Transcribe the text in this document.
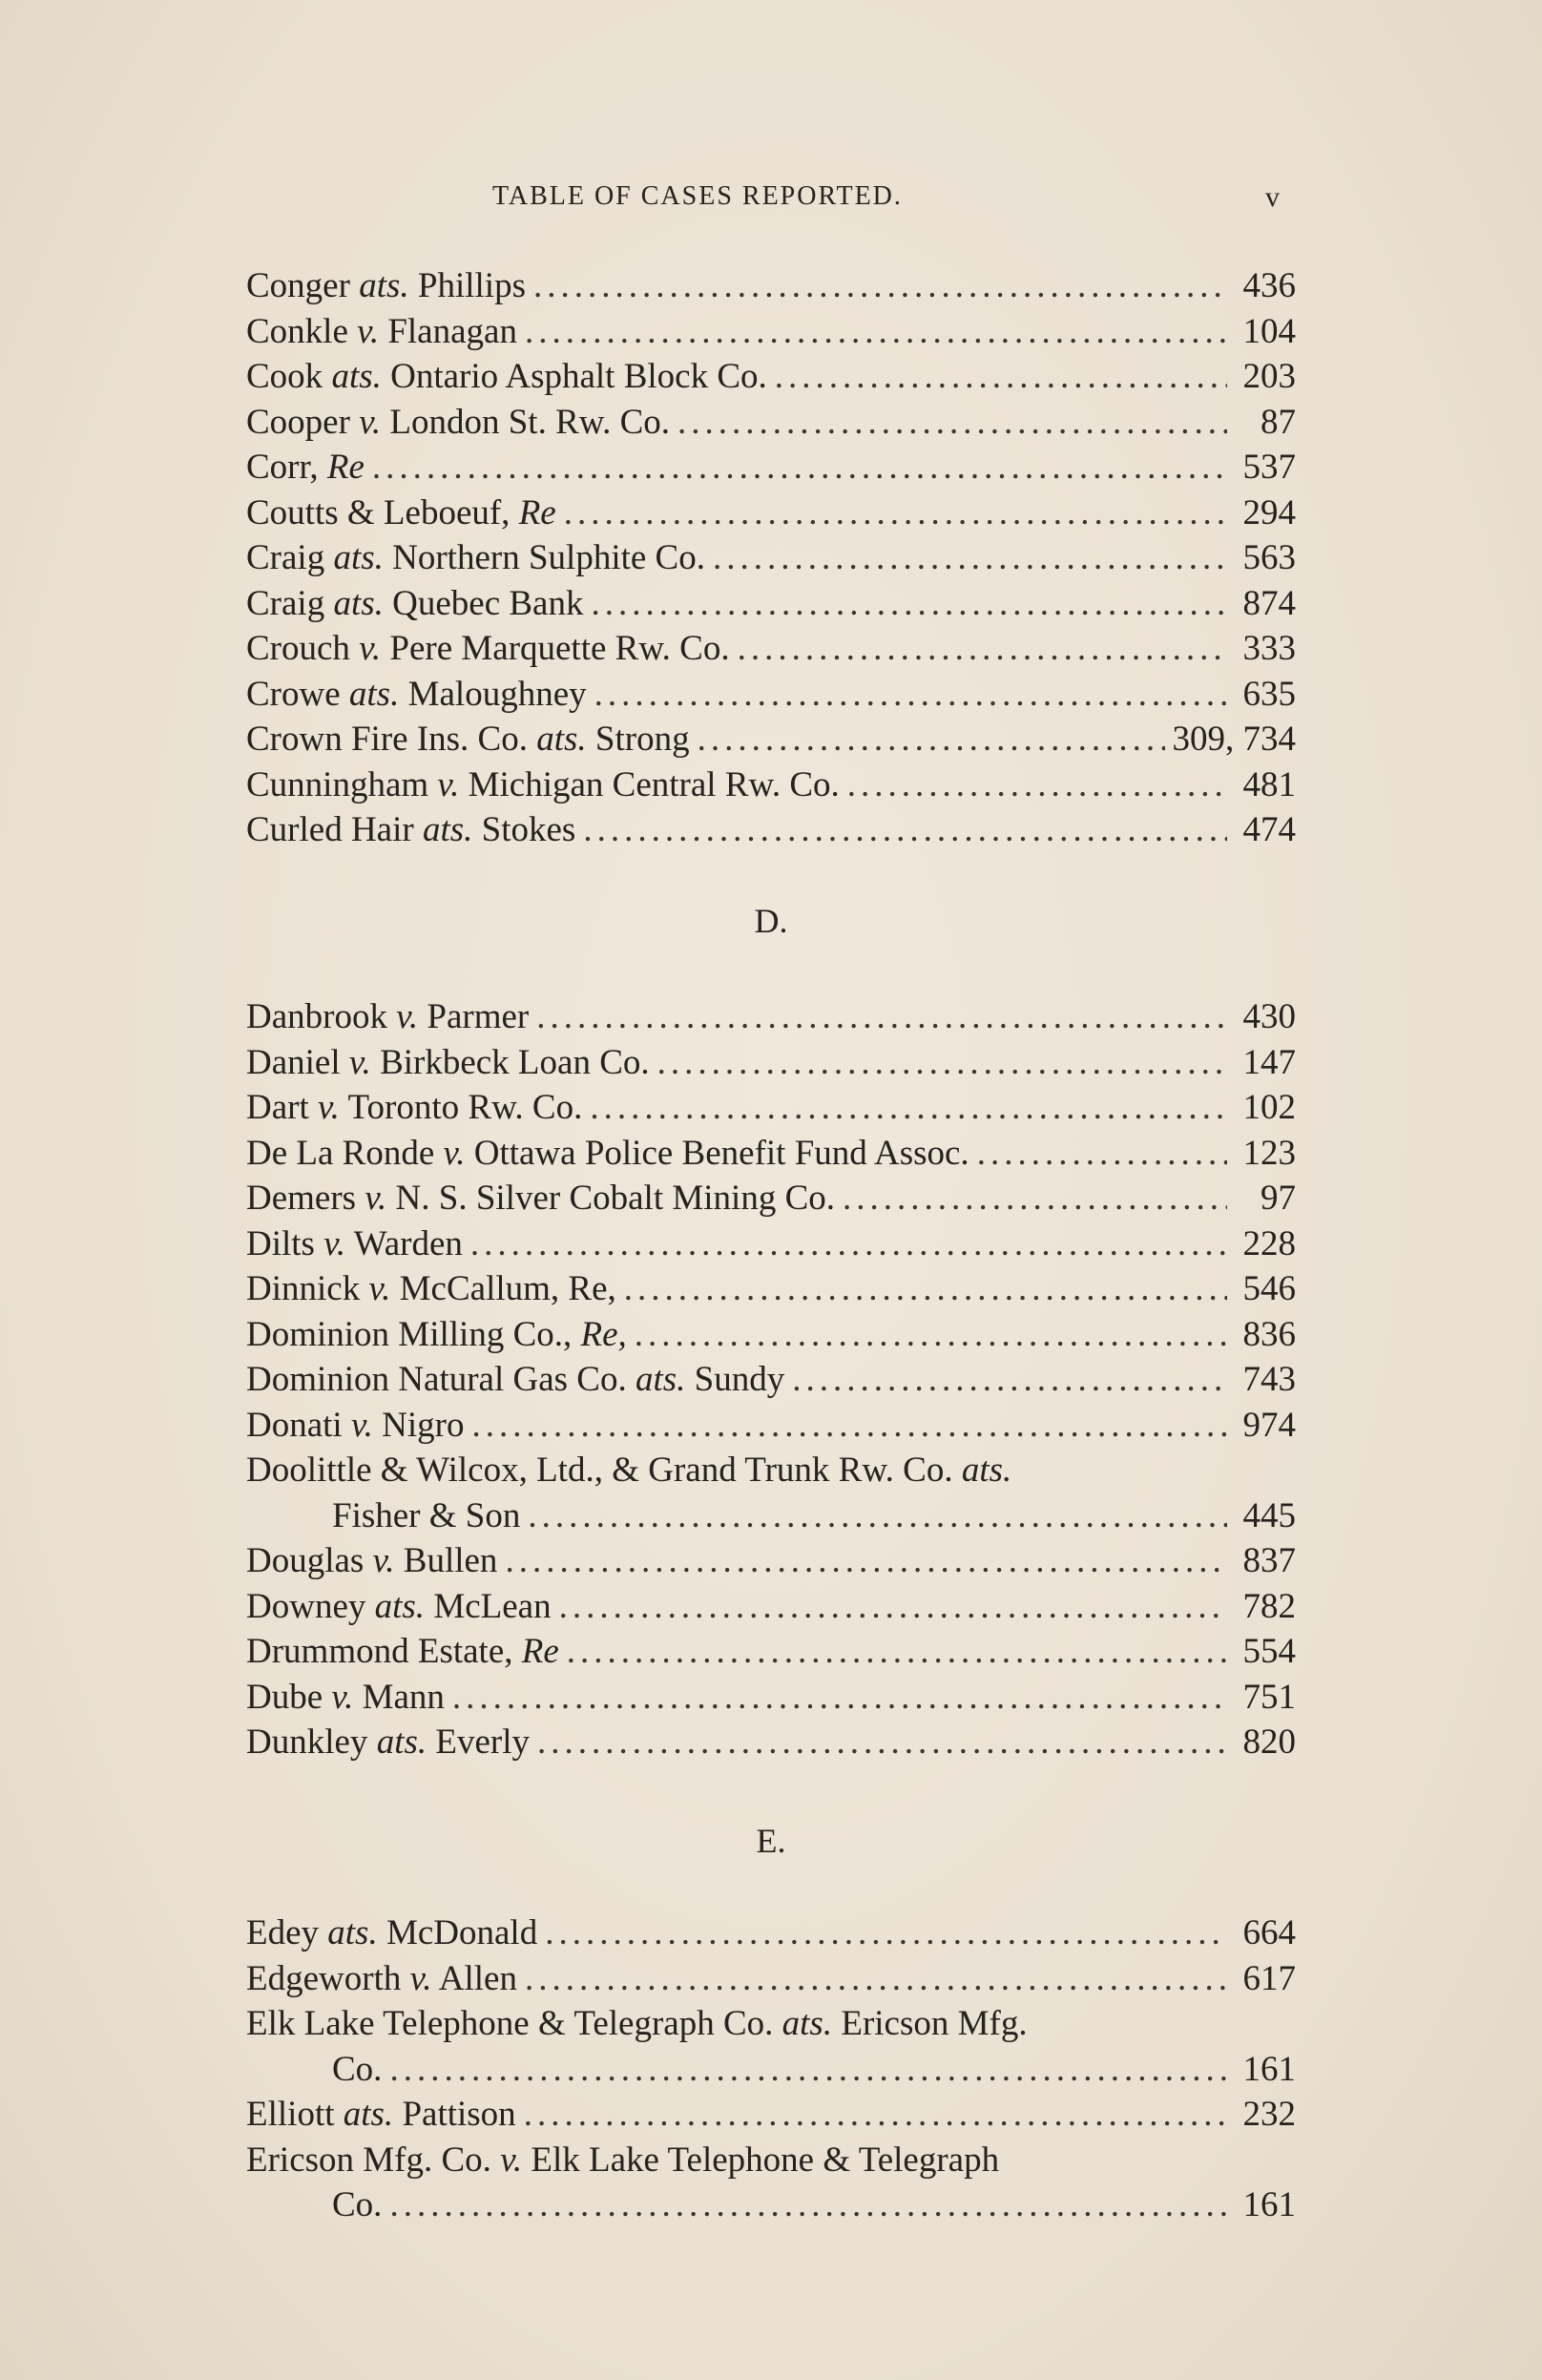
TABLE OF CASES REPORTED.	v
Conger ats. Phillips .....	436
Conkle v. Flanagan .....	104
Cook ats. Ontario Asphalt Block Co. .....	203
Cooper v. London St. Rw. Co. .....	87
Corr, Re .....	537
Coutts & Leboeuf, Re .....	294
Craig ats. Northern Sulphite Co. .....	563
Craig ats. Quebec Bank .....	874
Crouch v. Pere Marquette Rw. Co. .....	333
Crowe ats. Maloughney .....	635
Crown Fire Ins. Co. ats. Strong .....	309, 734
Cunningham v. Michigan Central Rw. Co. .....	481
Curled Hair ats. Stokes .....	474
D.
Danbrook v. Parmer .....	430
Daniel v. Birkbeck Loan Co. .....	147
Dart v. Toronto Rw. Co. .....	102
De La Ronde v. Ottawa Police Benefit Fund Assoc. .....	123
Demers v. N. S. Silver Cobalt Mining Co. .....	97
Dilts v. Warden .....	228
Dinnick v. McCallum, Re, .....	546
Dominion Milling Co., Re, .....	836
Dominion Natural Gas Co. ats. Sundy .....	743
Donati v. Nigro .....	974
Doolittle & Wilcox, Ltd., & Grand Trunk Rw. Co. ats.
Fisher & Son .....	445
Douglas v. Bullen .....	837
Downey ats. McLean .....	782
Drummond Estate, Re .....	554
Dube v. Mann .....	751
Dunkley ats. Everly .....	820
E.
Edey ats. McDonald .....	664
Edgeworth v. Allen .....	617
Elk Lake Telephone & Telegraph Co. ats. Ericson Mfg.
Co. .....	161
Elliott ats. Pattison .....	232
Ericson Mfg. Co. v. Elk Lake Telephone & Telegraph
Co. .....	161
